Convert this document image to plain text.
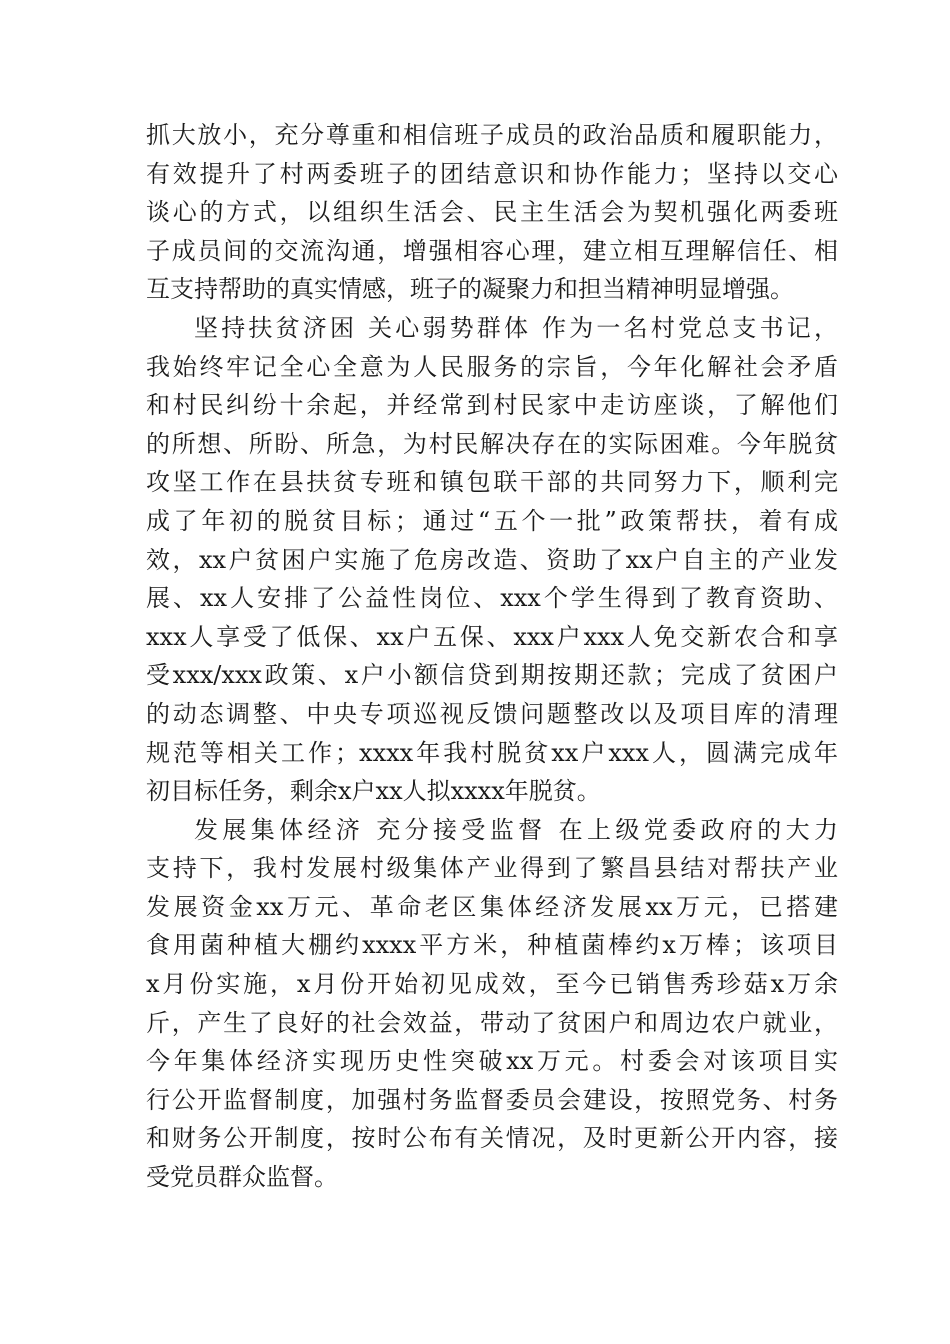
抓大放小，充分尊重和相信班子成员的政治品质和履职能力，
有效提升了村两委班子的团结意识和协作能力；坚持以交心
谈心的方式，以组织生活会、民主生活会为契机强化两委班
子成员间的交流沟通，增强相容心理，建立相互理解信任、相
互支持帮助的真实情感，班子的凝聚力和担当精神明显增强。
坚持扶贫济困 关心弱势群体 作为一名村党总支书记，
我始终牢记全心全意为人民服务的宗旨，今年化解社会矛盾
和村民纠纷十余起，并经常到村民家中走访座谈，了解他们
的所想、所盼、所急，为村民解决存在的实际困难。今年脱贫
攻坚工作在县扶贫专班和镇包联干部的共同努力下，顺利完
成了年初的脱贫目标；通过“五个一批”政策帮扶，着有成
效，xx户贫困户实施了危房改造、资助了xx户自主的产业发
展、xx人安排了公益性岗位、xxx个学生得到了教育资助、
xxx人享受了低保、xx户五保、xxx户xxx人免交新农合和享
受xxx/xxx政策、x户小额信贷到期按期还款；完成了贫困户
的动态调整、中央专项巡视反馈问题整改以及项目库的清理
规范等相关工作；xxxx年我村脱贫xx户xxx人，圆满完成年
初目标任务，剩余x户xx人拟xxxx年脱贫。
发展集体经济 充分接受监督 在上级党委政府的大力
支持下，我村发展村级集体产业得到了繁昌县结对帮扶产业
发展资金xx万元、革命老区集体经济发展xx万元，已搭建
食用菌种植大棚约xxxx平方米，种植菌棒约x万棒；该项目
x月份实施，x月份开始初见成效，至今已销售秀珍菇x万余
斤，产生了良好的社会效益，带动了贫困户和周边农户就业，
今年集体经济实现历史性突破xx万元。村委会对该项目实
行公开监督制度，加强村务监督委员会建设，按照党务、村务
和财务公开制度，按时公布有关情况，及时更新公开内容，接
受党员群众监督。
